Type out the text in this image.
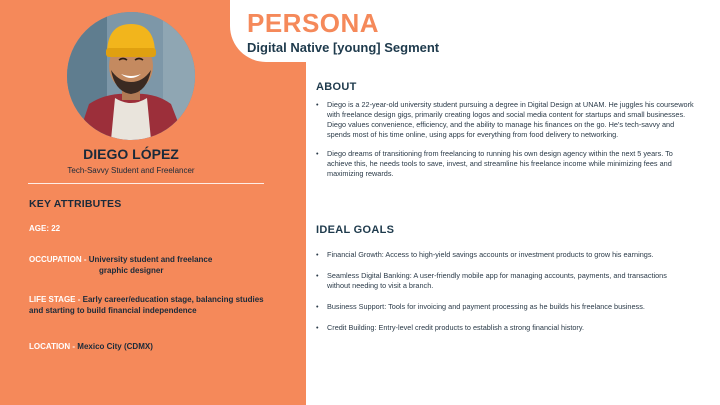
PERSONA
Digital Native [young] Segment
DIEGO LÓPEZ
Tech-Savvy Student and Freelancer
KEY ATTRIBUTES
AGE: 22
OCCUPATION - University student and freelance
graphic designer
LIFE STAGE - Early career/education stage, balancing studies and starting to build financial independence
LOCATION - Mexico City (CDMX)
ABOUT
• Diego is a 22-year-old university student pursuing a degree in Digital Design at UNAM. He juggles his coursework with freelance design gigs, primarily creating logos and social media content for startups and small businesses. Diego values convenience, efficiency, and the ability to manage his finances on the go. He's tech-savvy and spends most of his time online, using apps for everything from food delivery to networking.
• Diego dreams of transitioning from freelancing to running his own design agency within the next 5 years. To achieve this, he needs tools to save, invest, and streamline his freelance income while minimizing fees and maximizing rewards.
IDEAL GOALS
• Financial Growth: Access to high-yield savings accounts or investment products to grow his earnings.
• Seamless Digital Banking: A user-friendly mobile app for managing accounts, payments, and transactions without needing to visit a branch.
• Business Support: Tools for invoicing and payment processing as he builds his freelance business.
• Credit Building: Entry-level credit products to establish a strong financial history.
